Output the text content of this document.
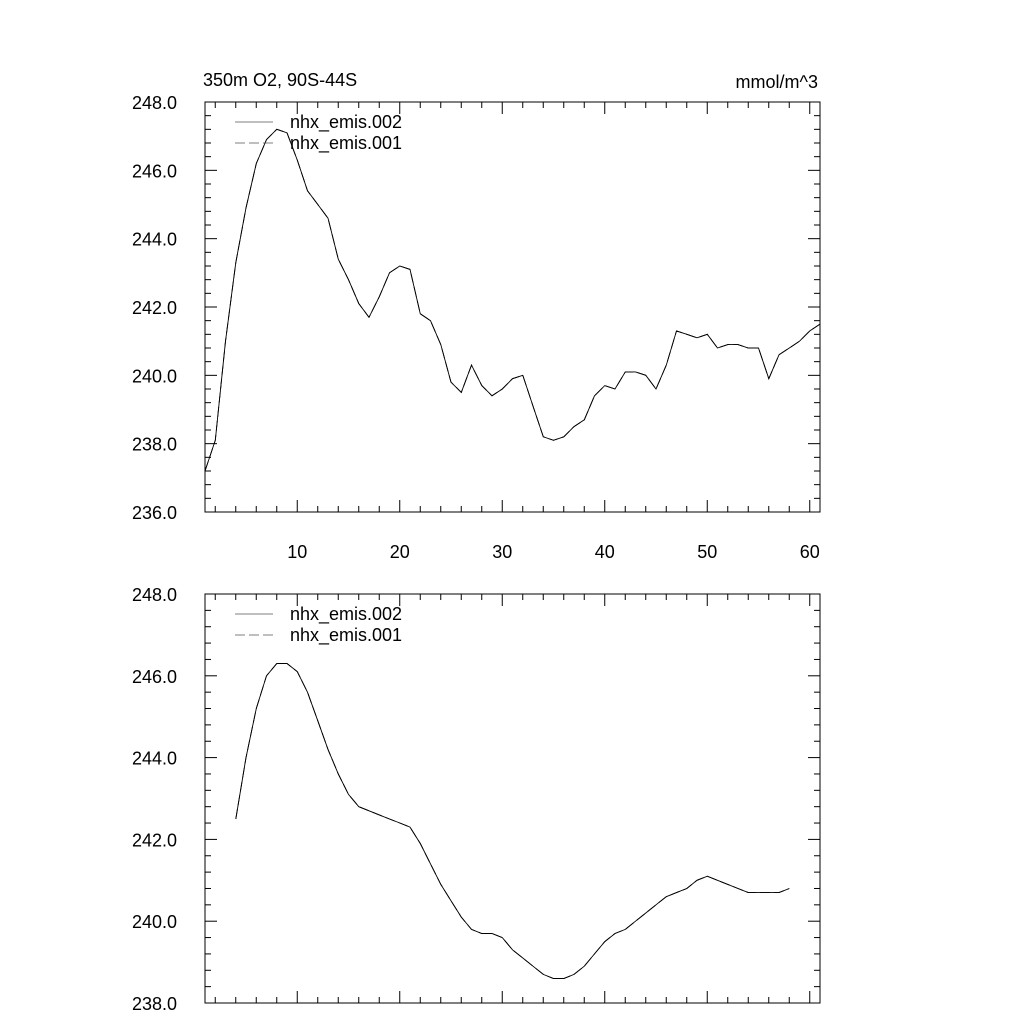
350m O2, 90S-44S	mmol/m^3
10	20	30	40	50	60
236.0
238.0
240.0
242.0
244.0
246.0
248.0
nhx_emis.002
nhx_emis.001
238.0
240.0
242.0
244.0
246.0
248.0
nhx_emis.002
nhx_emis.001
